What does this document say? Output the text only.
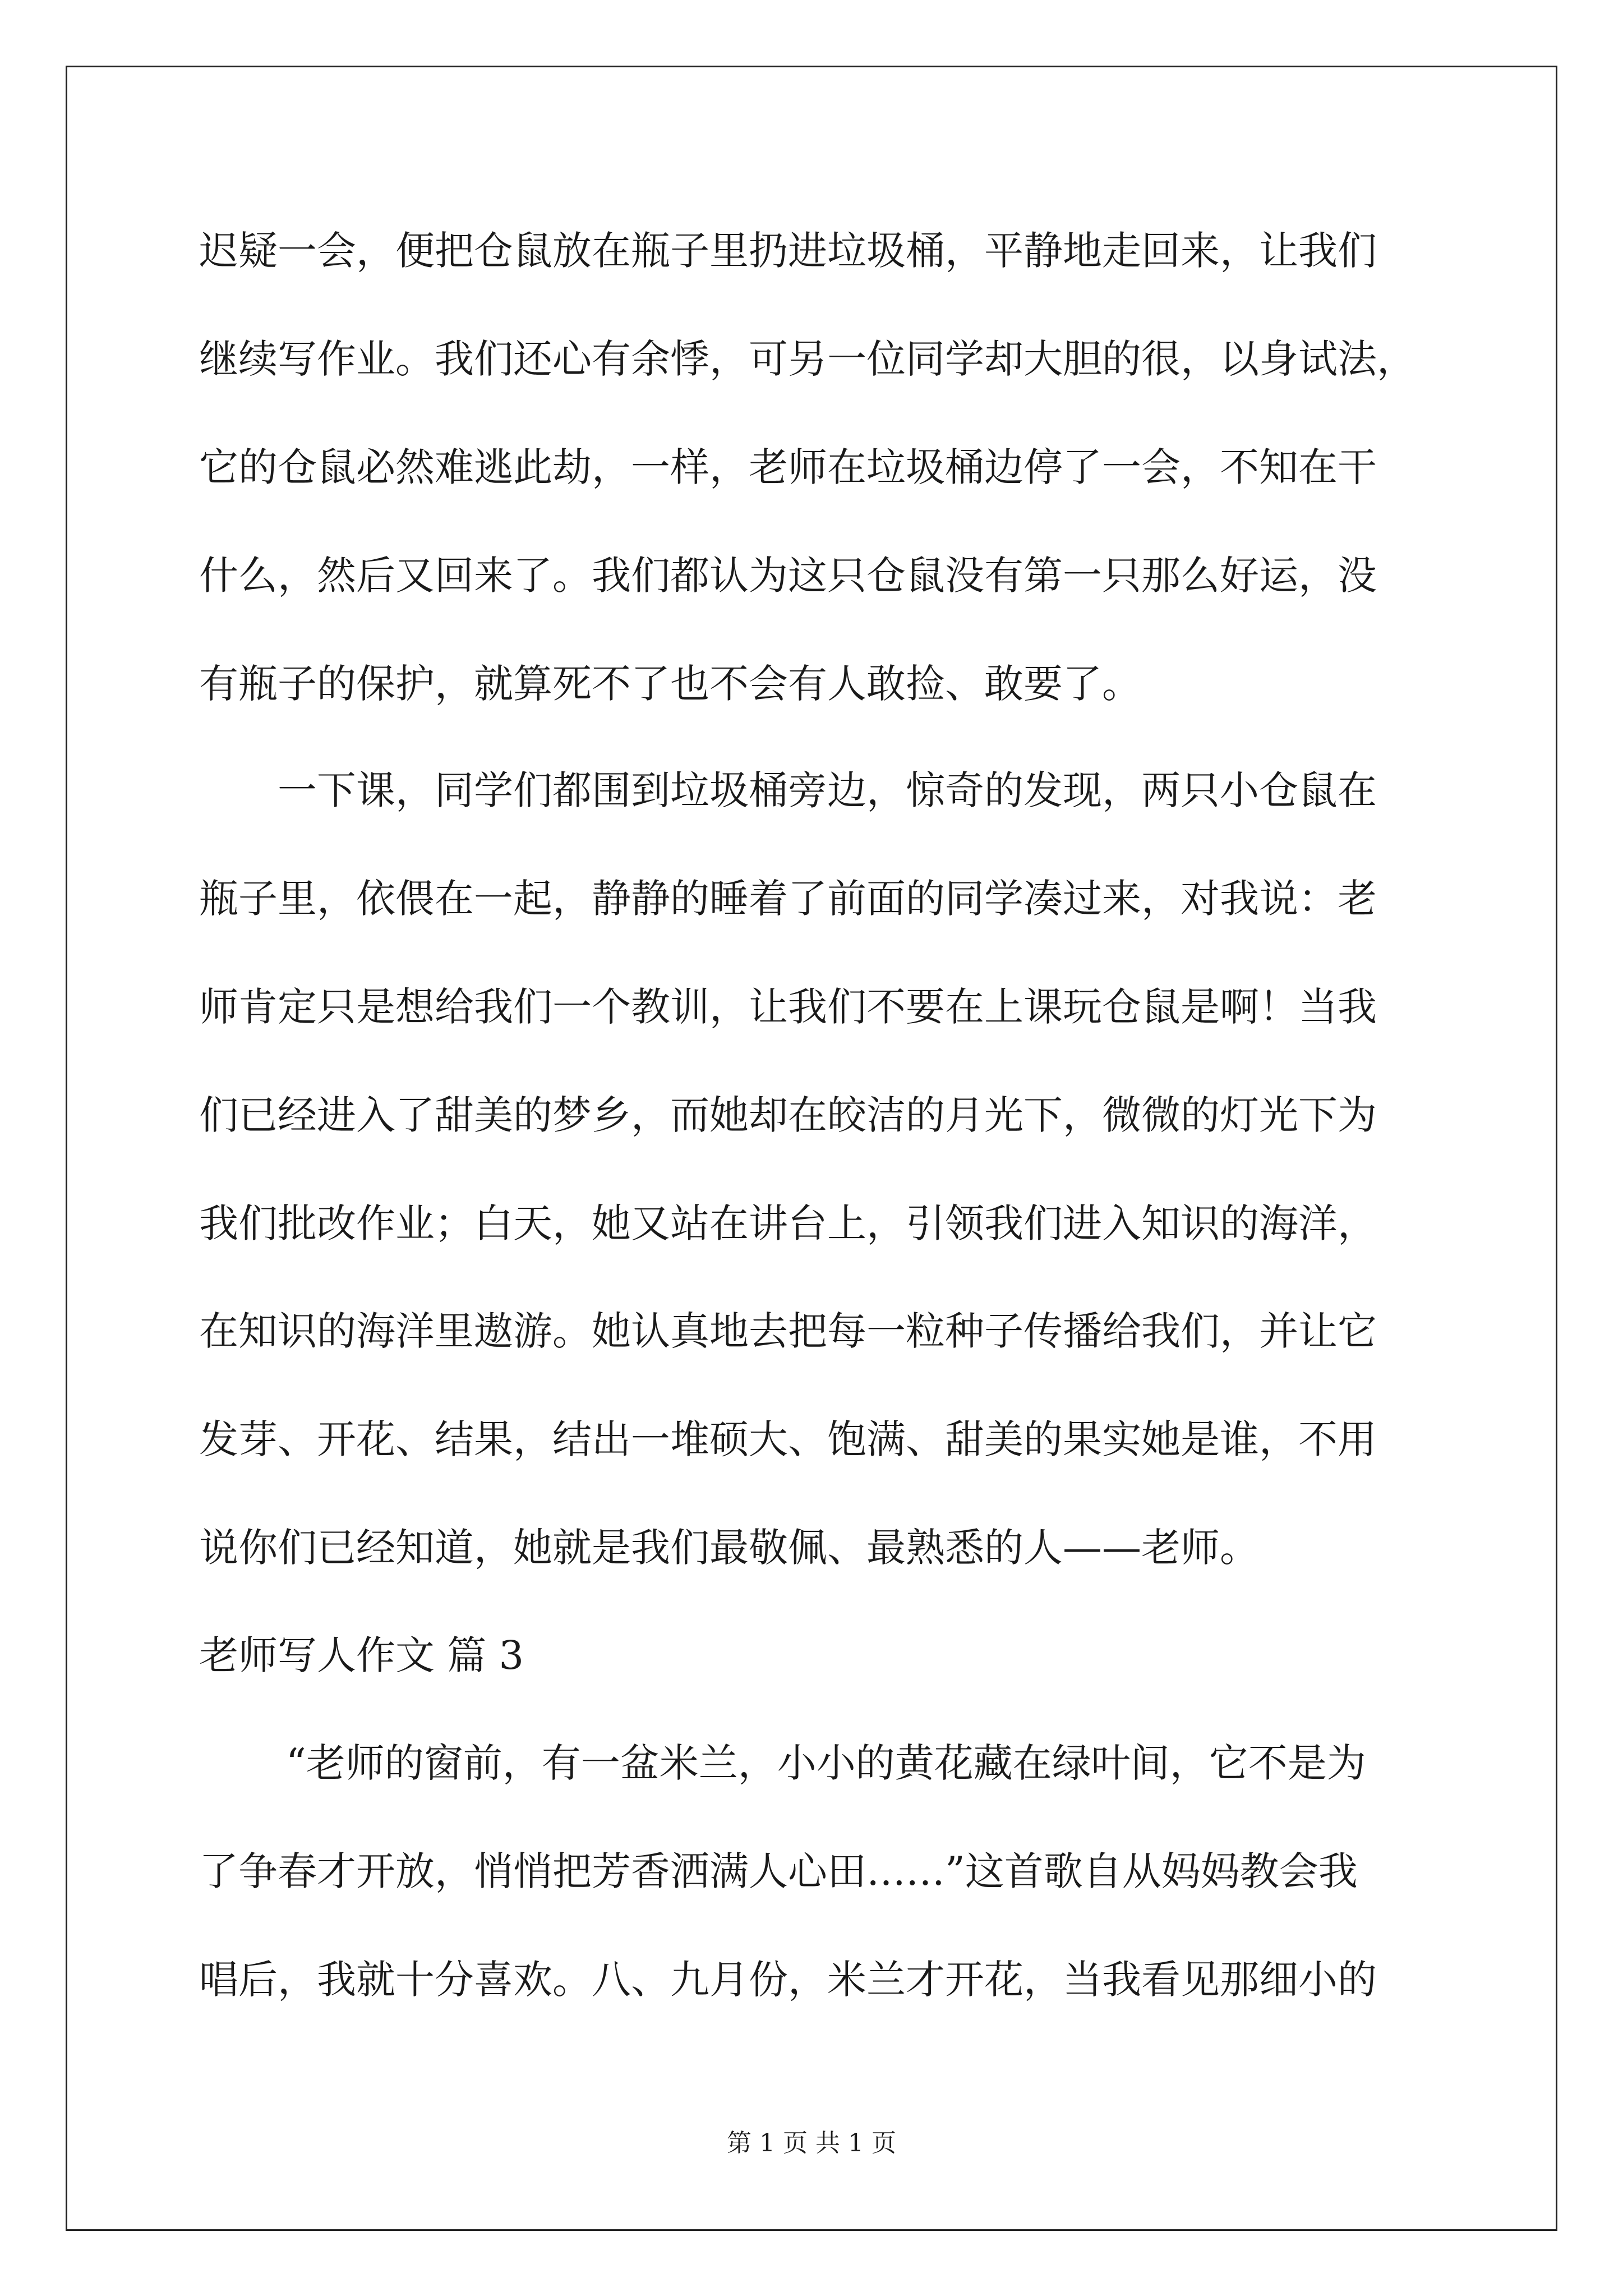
迟疑一会，便把仓鼠放在瓶子里扔进垃圾桶，平静地走回来，让我们

继续写作业。我们还心有余悸，可另一位同学却大胆的很，以身试法，

它的仓鼠必然难逃此劫，一样，老师在垃圾桶边停了一会，不知在干

什么，然后又回来了。我们都认为这只仓鼠没有第一只那么好运，没

有瓶子的保护，就算死不了也不会有人敢捡、敢要了。

一下课，同学们都围到垃圾桶旁边，惊奇的发现，两只小仓鼠在

瓶子里，依偎在一起，静静的睡着了前面的同学凑过来，对我说：老

师肯定只是想给我们一个教训，让我们不要在上课玩仓鼠是啊！当我

们已经进入了甜美的梦乡，而她却在皎洁的月光下，微微的灯光下为

我们批改作业；白天，她又站在讲台上，引领我们进入知识的海洋，

在知识的海洋里遨游。她认真地去把每一粒种子传播给我们，并让它

发芽、开花、结果，结出一堆硕大、饱满、甜美的果实她是谁，不用

说你们已经知道，她就是我们最敬佩、最熟悉的人——老师。

老师写人作文 篇 3

“老师的窗前，有一盆米兰，小小的黄花藏在绿叶间，它不是为

了争春才开放，悄悄把芳香洒满人心田……”这首歌自从妈妈教会我

唱后，我就十分喜欢。八、九月份，米兰才开花，当我看见那细小的

第 1 页 共 1 页
